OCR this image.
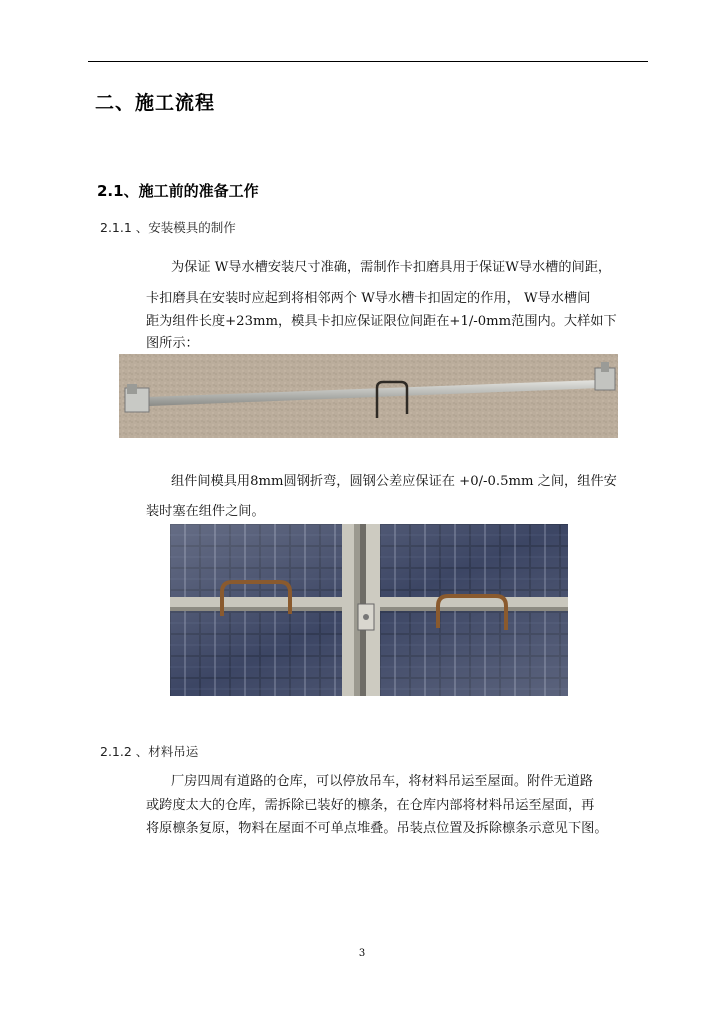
二、施工流程
2.1、施工前的准备工作
2.1.1 、安装模具的制作
为保证 W导水槽安装尺寸准确，需制作卡扣磨具用于保证W导水槽的间距，
卡扣磨具在安装时应起到将相邻两个 W导水槽卡扣固定的作用， W导水槽间
距为组件长度+23mm，模具卡扣应保证限位间距在+1/-0mm范围内。大样如下
图所示：
组件间模具用8mm圆钢折弯，圆钢公差应保证在 +0/-0.5mm 之间，组件安
装时塞在组件之间。
2.1.2 、材料吊运
厂房四周有道路的仓库，可以停放吊车，将材料吊运至屋面。附件无道路
或跨度太大的仓库，需拆除已装好的檩条，在仓库内部将材料吊运至屋面，再
将原檩条复原，物料在屋面不可单点堆叠。吊装点位置及拆除檩条示意见下图。
3
